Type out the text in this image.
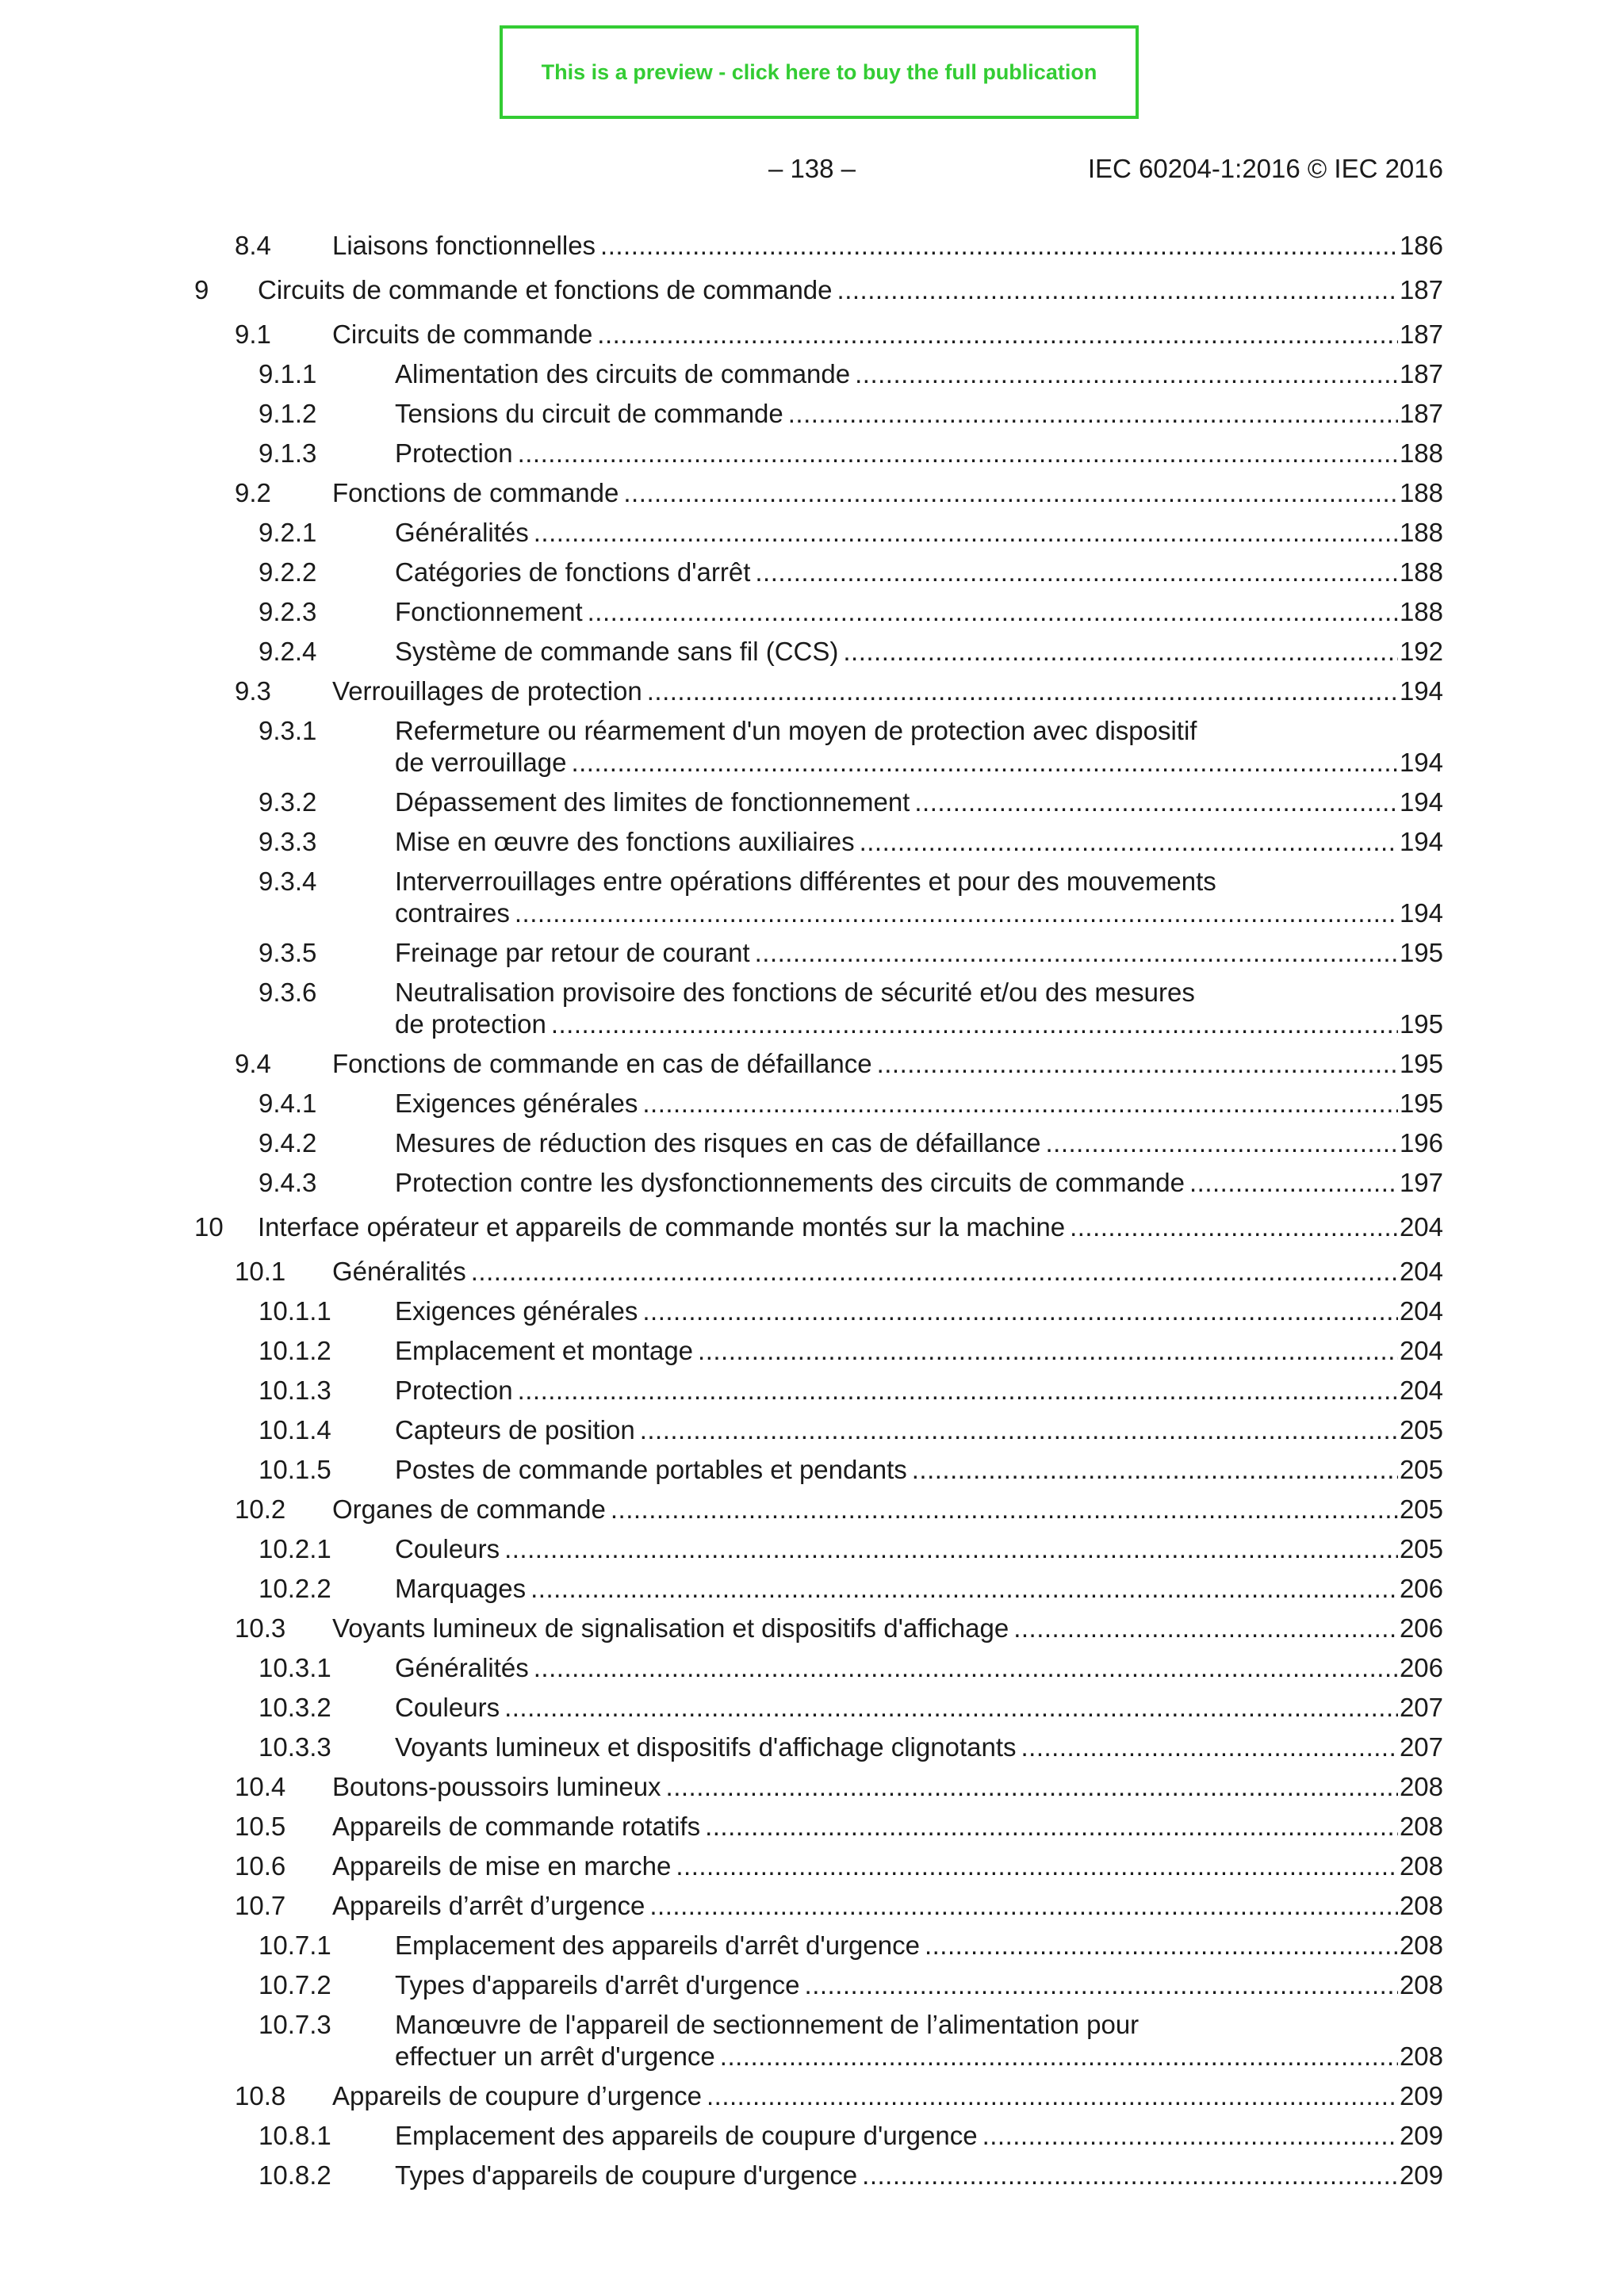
This is a preview - click here to buy the full publication
– 138 –	IEC 60204-1:2016 © IEC 2016
8.4 Liaisons fonctionnelles .....	186
9 Circuits de commande et fonctions de commande .....	187
9.1 Circuits de commande .....	187
9.1.1	Alimentation des circuits de commande .....	187
9.1.2	Tensions du circuit de commande .....	187
9.1.3	Protection .....	188
9.2 Fonctions de commande .....	188
9.2.1	Généralités .....	188
9.2.2	Catégories de fonctions d'arrêt .....	188
9.2.3	Fonctionnement .....	188
9.2.4	Système de commande sans fil (CCS) .....	192
9.3 Verrouillages de protection .....	194
9.3.1	Refermeture ou réarmement d'un moyen de protection avec dispositif
de verrouillage .....	194
9.3.2	Dépassement des limites de fonctionnement .....	194
9.3.3	Mise en œuvre des fonctions auxiliaires .....	194
9.3.4	Interverrouillages entre opérations différentes et pour des mouvements
contraires .....	194
9.3.5	Freinage par retour de courant .....	195
9.3.6	Neutralisation provisoire des fonctions de sécurité et/ou des mesures
de protection .....	195
9.4 Fonctions de commande en cas de défaillance .....	195
9.4.1	Exigences générales .....	195
9.4.2	Mesures de réduction des risques en cas de défaillance .....	196
9.4.3	Protection contre les dysfonctionnements des circuits de commande .....	197
10 Interface opérateur et appareils de commande montés sur la machine .....	204
10.1 Généralités .....	204
10.1.1 Exigences générales .....	204
10.1.2 Emplacement et montage .....	204
10.1.3 Protection .....	204
10.1.4 Capteurs de position .....	205
10.1.5 Postes de commande portables et pendants .....	205
10.2 Organes de commande .....	205
10.2.1 Couleurs .....	205
10.2.2 Marquages .....	206
10.3 Voyants lumineux de signalisation et dispositifs d'affichage .....	206
10.3.1 Généralités .....	206
10.3.2 Couleurs .....	207
10.3.3 Voyants lumineux et dispositifs d'affichage clignotants .....	207
10.4 Boutons-poussoirs lumineux .....	208
10.5 Appareils de commande rotatifs .....	208
10.6 Appareils de mise en marche .....	208
10.7 Appareils d’arrêt d’urgence .....	208
10.7.1 Emplacement des appareils d'arrêt d'urgence .....	208
10.7.2 Types d'appareils d'arrêt d'urgence .....	208
10.7.3 Manœuvre de l'appareil de sectionnement de l’alimentation pour
effectuer un arrêt d'urgence .....	208
10.8 Appareils de coupure d’urgence .....	209
10.8.1 Emplacement des appareils de coupure d'urgence .....	209
10.8.2 Types d'appareils de coupure d'urgence .....	209
